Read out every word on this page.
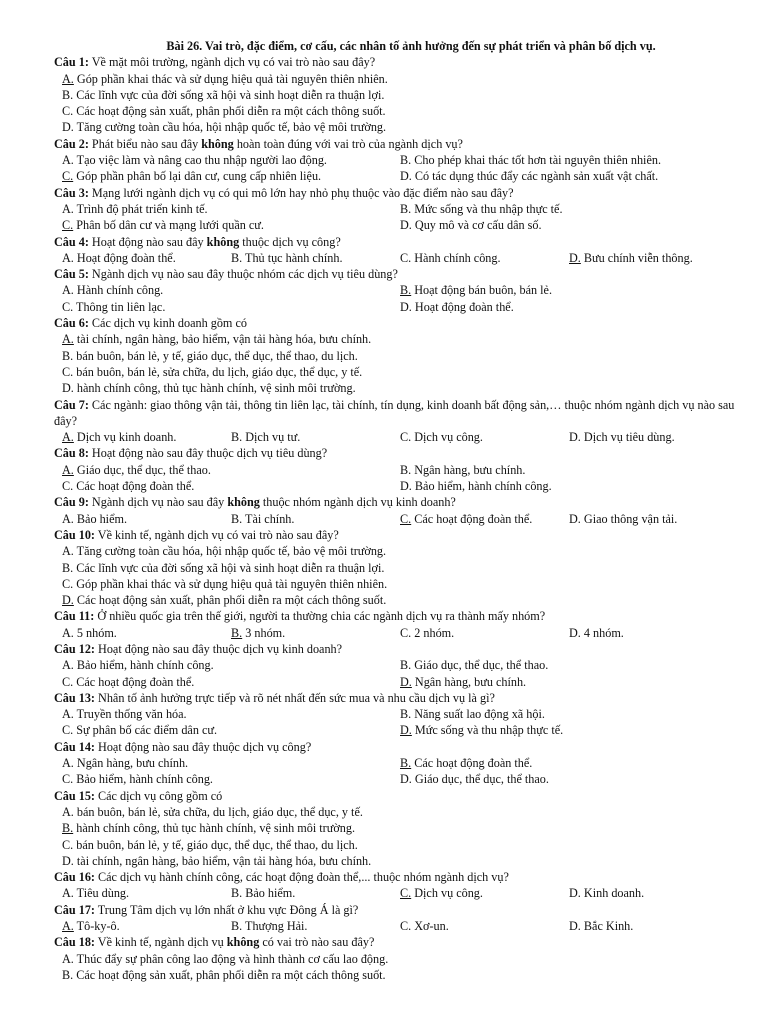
Bài 26. Vai trò, đặc điểm, cơ cấu, các nhân tố ảnh hưởng đến sự phát triển và phân bố dịch vụ.
Câu 1: Về mặt môi trường, ngành dịch vụ có vai trò nào sau đây?
A. Góp phần khai thác và sử dụng hiệu quả tài nguyên thiên nhiên.
B. Các lĩnh vực của đời sống xã hội và sinh hoạt diễn ra thuận lợi.
C. Các hoạt động sản xuất, phân phối diễn ra một cách thông suốt.
D. Tăng cường toàn cầu hóa, hội nhập quốc tế, bảo vệ môi trường.
Câu 2: Phát biểu nào sau đây không hoàn toàn đúng với vai trò của ngành dịch vụ?
A. Tạo việc làm và nâng cao thu nhập người lao động.	B. Cho phép khai thác tốt hơn tài nguyên thiên nhiên.
C. Góp phần phân bố lại dân cư, cung cấp nhiên liệu.	D. Có tác dụng thúc đẩy các ngành sản xuất vật chất.
Câu 3: Mạng lưới ngành dịch vụ có qui mô lớn hay nhỏ phụ thuộc vào đặc điểm nào sau đây?
A. Trình độ phát triển kinh tế.	B. Mức sống và thu nhập thực tế.
C. Phân bố dân cư và mạng lưới quần cư.	D. Quy mô và cơ cấu dân số.
Câu 4: Hoạt động nào sau đây không thuộc dịch vụ công?
A. Hoạt động đoàn thể.	B. Thủ tục hành chính.	C. Hành chính công.	D. Bưu chính viễn thông.
Câu 5: Ngành dịch vụ nào sau đây thuộc nhóm các dịch vụ tiêu dùng?
A. Hành chính công.	B. Hoạt động bán buôn, bán lẻ.
C. Thông tin liên lạc.	D. Hoạt động đoàn thể.
Câu 6: Các dịch vụ kinh doanh gồm có
A. tài chính, ngân hàng, bảo hiểm, vận tải hàng hóa, bưu chính.
B. bán buôn, bán lẻ, y tế, giáo dục, thể dục, thể thao, du lịch.
C. bán buôn, bán lẻ, sửa chữa, du lịch, giáo dục, thể dục, y tế.
D. hành chính công, thủ tục hành chính, vệ sinh môi trường.
Câu 7: Các ngành: giao thông vận tải, thông tin liên lạc, tài chính, tín dụng, kinh doanh bất động sản,… thuộc nhóm ngành dịch vụ nào sau đây?
A. Dịch vụ kinh doanh.	B. Dịch vụ tư.	C. Dịch vụ công.	D. Dịch vụ tiêu dùng.
Câu 8: Hoạt động nào sau đây thuộc dịch vụ tiêu dùng?
A. Giáo dục, thể dục, thể thao.	B. Ngân hàng, bưu chính.
C. Các hoạt động đoàn thể.	D. Bảo hiểm, hành chính công.
Câu 9: Ngành dịch vụ nào sau đây không thuộc nhóm ngành dịch vụ kinh doanh?
A. Bảo hiểm.	B. Tài chính.	C. Các hoạt động đoàn thể.	D. Giao thông vận tải.
Câu 10: Về kinh tế, ngành dịch vụ có vai trò nào sau đây?
A. Tăng cường toàn cầu hóa, hội nhập quốc tế, bảo vệ môi trường.
B. Các lĩnh vực của đời sống xã hội và sinh hoạt diễn ra thuận lợi.
C. Góp phần khai thác và sử dụng hiệu quả tài nguyên thiên nhiên.
D. Các hoạt động sản xuất, phân phối diễn ra một cách thông suốt.
Câu 11: Ở nhiều quốc gia trên thế giới, người ta thường chia các ngành dịch vụ ra thành mấy nhóm?
A. 5 nhóm.	B. 3 nhóm.	C. 2 nhóm.	D. 4 nhóm.
Câu 12: Hoạt động nào sau đây thuộc dịch vụ kinh doanh?
A. Bảo hiểm, hành chính công.	B. Giáo dục, thể dục, thể thao.
C. Các hoạt động đoàn thể.	D. Ngân hàng, bưu chính.
Câu 13: Nhân tố ảnh hưởng trực tiếp và rõ nét nhất đến sức mua và nhu cầu dịch vụ là gì?
A. Truyền thống văn hóa.	B. Năng suất lao động xã hội.
C. Sự phân bố các điểm dân cư.	D. Mức sống và thu nhập thực tế.
Câu 14: Hoạt động nào sau đây thuộc dịch vụ công?
A. Ngân hàng, bưu chính.	B. Các hoạt động đoàn thể.
C. Bảo hiểm, hành chính công.	D. Giáo dục, thể dục, thể thao.
Câu 15: Các dịch vụ công gồm có
A. bán buôn, bán lẻ, sửa chữa, du lịch, giáo dục, thể dục, y tế.
B. hành chính công, thủ tục hành chính, vệ sinh môi trường.
C. bán buôn, bán lẻ, y tế, giáo dục, thể dục, thể thao, du lịch.
D. tài chính, ngân hàng, bảo hiểm, vận tải hàng hóa, bưu chính.
Câu 16: Các dịch vụ hành chính công, các hoạt động đoàn thể,... thuộc nhóm ngành dịch vụ?
A. Tiêu dùng.	B. Bảo hiểm.	C. Dịch vụ công.	D. Kinh doanh.
Câu 17: Trung Tâm dịch vụ lớn nhất ở khu vực Đông Á là gì?
A. Tô-ky-ô.	B. Thượng Hải.	C. Xơ-un.	D. Bắc Kinh.
Câu 18: Về kinh tế, ngành dịch vụ không có vai trò nào sau đây?
A. Thúc đẩy sự phân công lao động và hình thành cơ cấu lao động.
B. Các hoạt động sản xuất, phân phối diễn ra một cách thông suốt.
